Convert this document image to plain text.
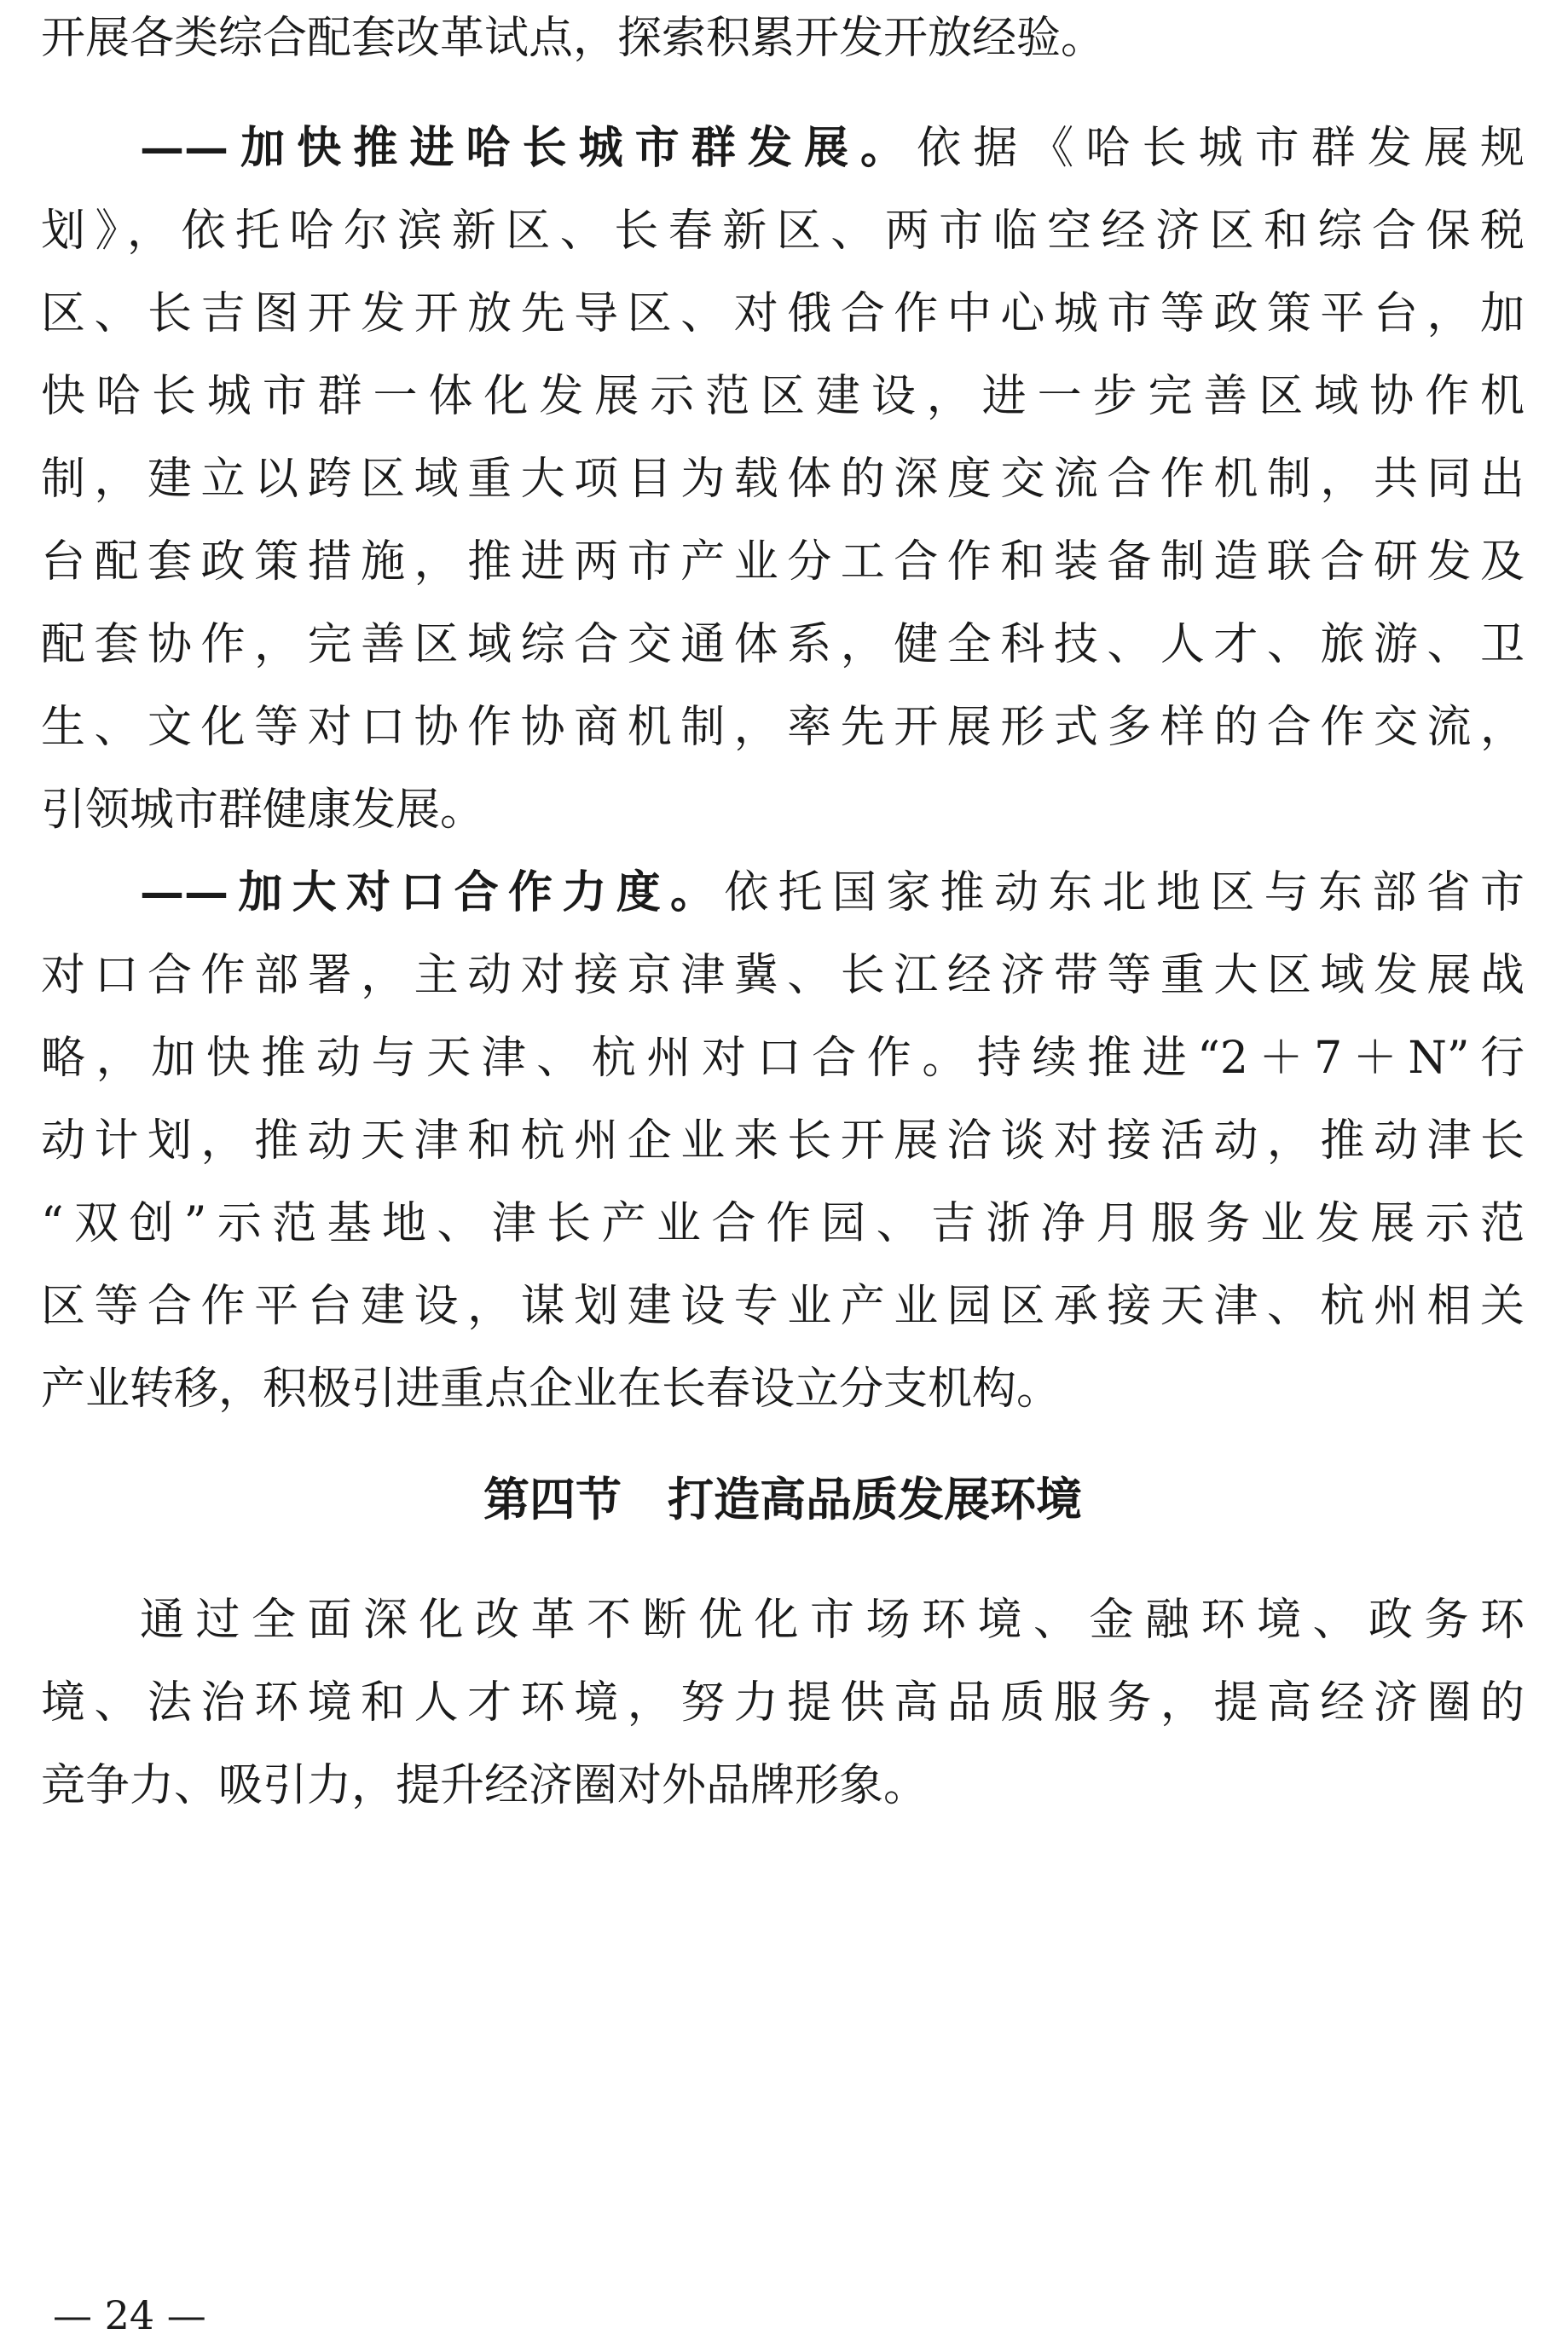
开展各类综合配套改革试点，探索积累开发开放经验。
——加快推进哈长城市群发展。依据《哈长城市群发展规
划》，依托哈尔滨新区、长春新区、两市临空经济区和综合保税
区、长吉图开发开放先导区、对俄合作中心城市等政策平台，加
快哈长城市群一体化发展示范区建设，进一步完善区域协作机
制，建立以跨区域重大项目为载体的深度交流合作机制，共同出
台配套政策措施，推进两市产业分工合作和装备制造联合研发及
配套协作，完善区域综合交通体系，健全科技、人才、旅游、卫
生、文化等对口协作协商机制，率先开展形式多样的合作交流，
引领城市群健康发展。
——加大对口合作力度。依托国家推动东北地区与东部省市
对口合作部署，主动对接京津冀、长江经济带等重大区域发展战
略，加快推动与天津、杭州对口合作。持续推进“2＋7＋N”行
动计划，推动天津和杭州企业来长开展洽谈对接活动，推动津长
“双创”示范基地、津长产业合作园、吉浙净月服务业发展示范
区等合作平台建设，谋划建设专业产业园区承接天津、杭州相关
产业转移，积极引进重点企业在长春设立分支机构。
第四节　打造高品质发展环境
通过全面深化改革不断优化市场环境、金融环境、政务环
境、法治环境和人才环境，努力提供高品质服务，提高经济圈的
竞争力、吸引力，提升经济圈对外品牌形象。
— 24 —
